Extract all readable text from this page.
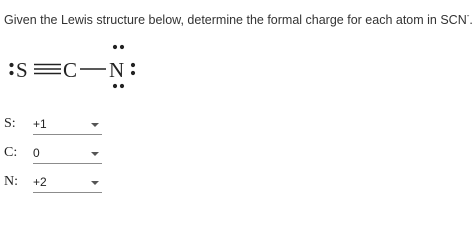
Given the Lewis structure below, determine the formal charge for each atom in SCN-.
S C N
S: +1
C: 0
N: +2
